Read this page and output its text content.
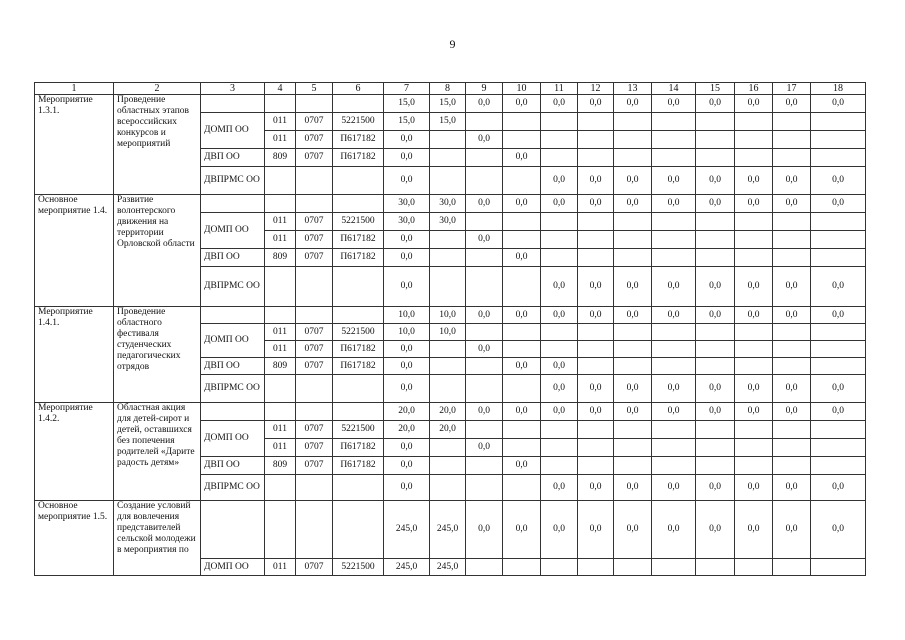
9
1	2	3	4	5	6	7	8	9	10	11	12	13	14	15	16	17	18
Мероприятие 1.3.1.	Проведение областных этапов всероссийских конкурсов и мероприятий					15,0	15,0	0,0	0,0	0,0	0,0	0,0	0,0	0,0	0,0	0,0	0,0
		ДОМП ОО	011	0707	5221500	15,0	15,0										
			011	0707	П617182	0,0		0,0									
		ДВП ОО	809	0707	П617182	0,0			0,0								
		ДВПРМС ОО				0,0				0,0	0,0	0,0	0,0	0,0	0,0	0,0	0,0
Основное мероприятие 1.4.	Развитие волонтерского движения на территории Орловской области					30,0	30,0	0,0	0,0	0,0	0,0	0,0	0,0	0,0	0,0	0,0	0,0
		ДОМП ОО	011	0707	5221500	30,0	30,0										
			011	0707	П617182	0,0		0,0									
		ДВП ОО	809	0707	П617182	0,0			0,0								
		ДВПРМС ОО				0,0				0,0	0,0	0,0	0,0	0,0	0,0	0,0	0,0
Мероприятие 1.4.1.	Проведение областного фестиваля студенческих педагогических отрядов					10,0	10,0	0,0	0,0	0,0	0,0	0,0	0,0	0,0	0,0	0,0	0,0
		ДОМП ОО	011	0707	5221500	10,0	10,0										
			011	0707	П617182	0,0		0,0									
		ДВП ОО	809	0707	П617182	0,0			0,0	0,0							
		ДВПРМС ОО				0,0				0,0	0,0	0,0	0,0	0,0	0,0	0,0	0,0
Мероприятие 1.4.2.	Областная акция для детей-сирот и детей, оставшихся без попечения родителей «Дарите радость детям»					20,0	20,0	0,0	0,0	0,0	0,0	0,0	0,0	0,0	0,0	0,0	0,0
		ДОМП ОО	011	0707	5221500	20,0	20,0										
			011	0707	П617182	0,0		0,0									
		ДВП ОО	809	0707	П617182	0,0			0,0								
		ДВПРМС ОО				0,0				0,0	0,0	0,0	0,0	0,0	0,0	0,0	0,0
Основное мероприятие 1.5.	Создание условий для вовлечения представителей сельской молодежи в мероприятия по					245,0	245,0	0,0	0,0	0,0	0,0	0,0	0,0	0,0	0,0	0,0	0,0
		ДОМП ОО	011	0707	5221500	245,0	245,0										
